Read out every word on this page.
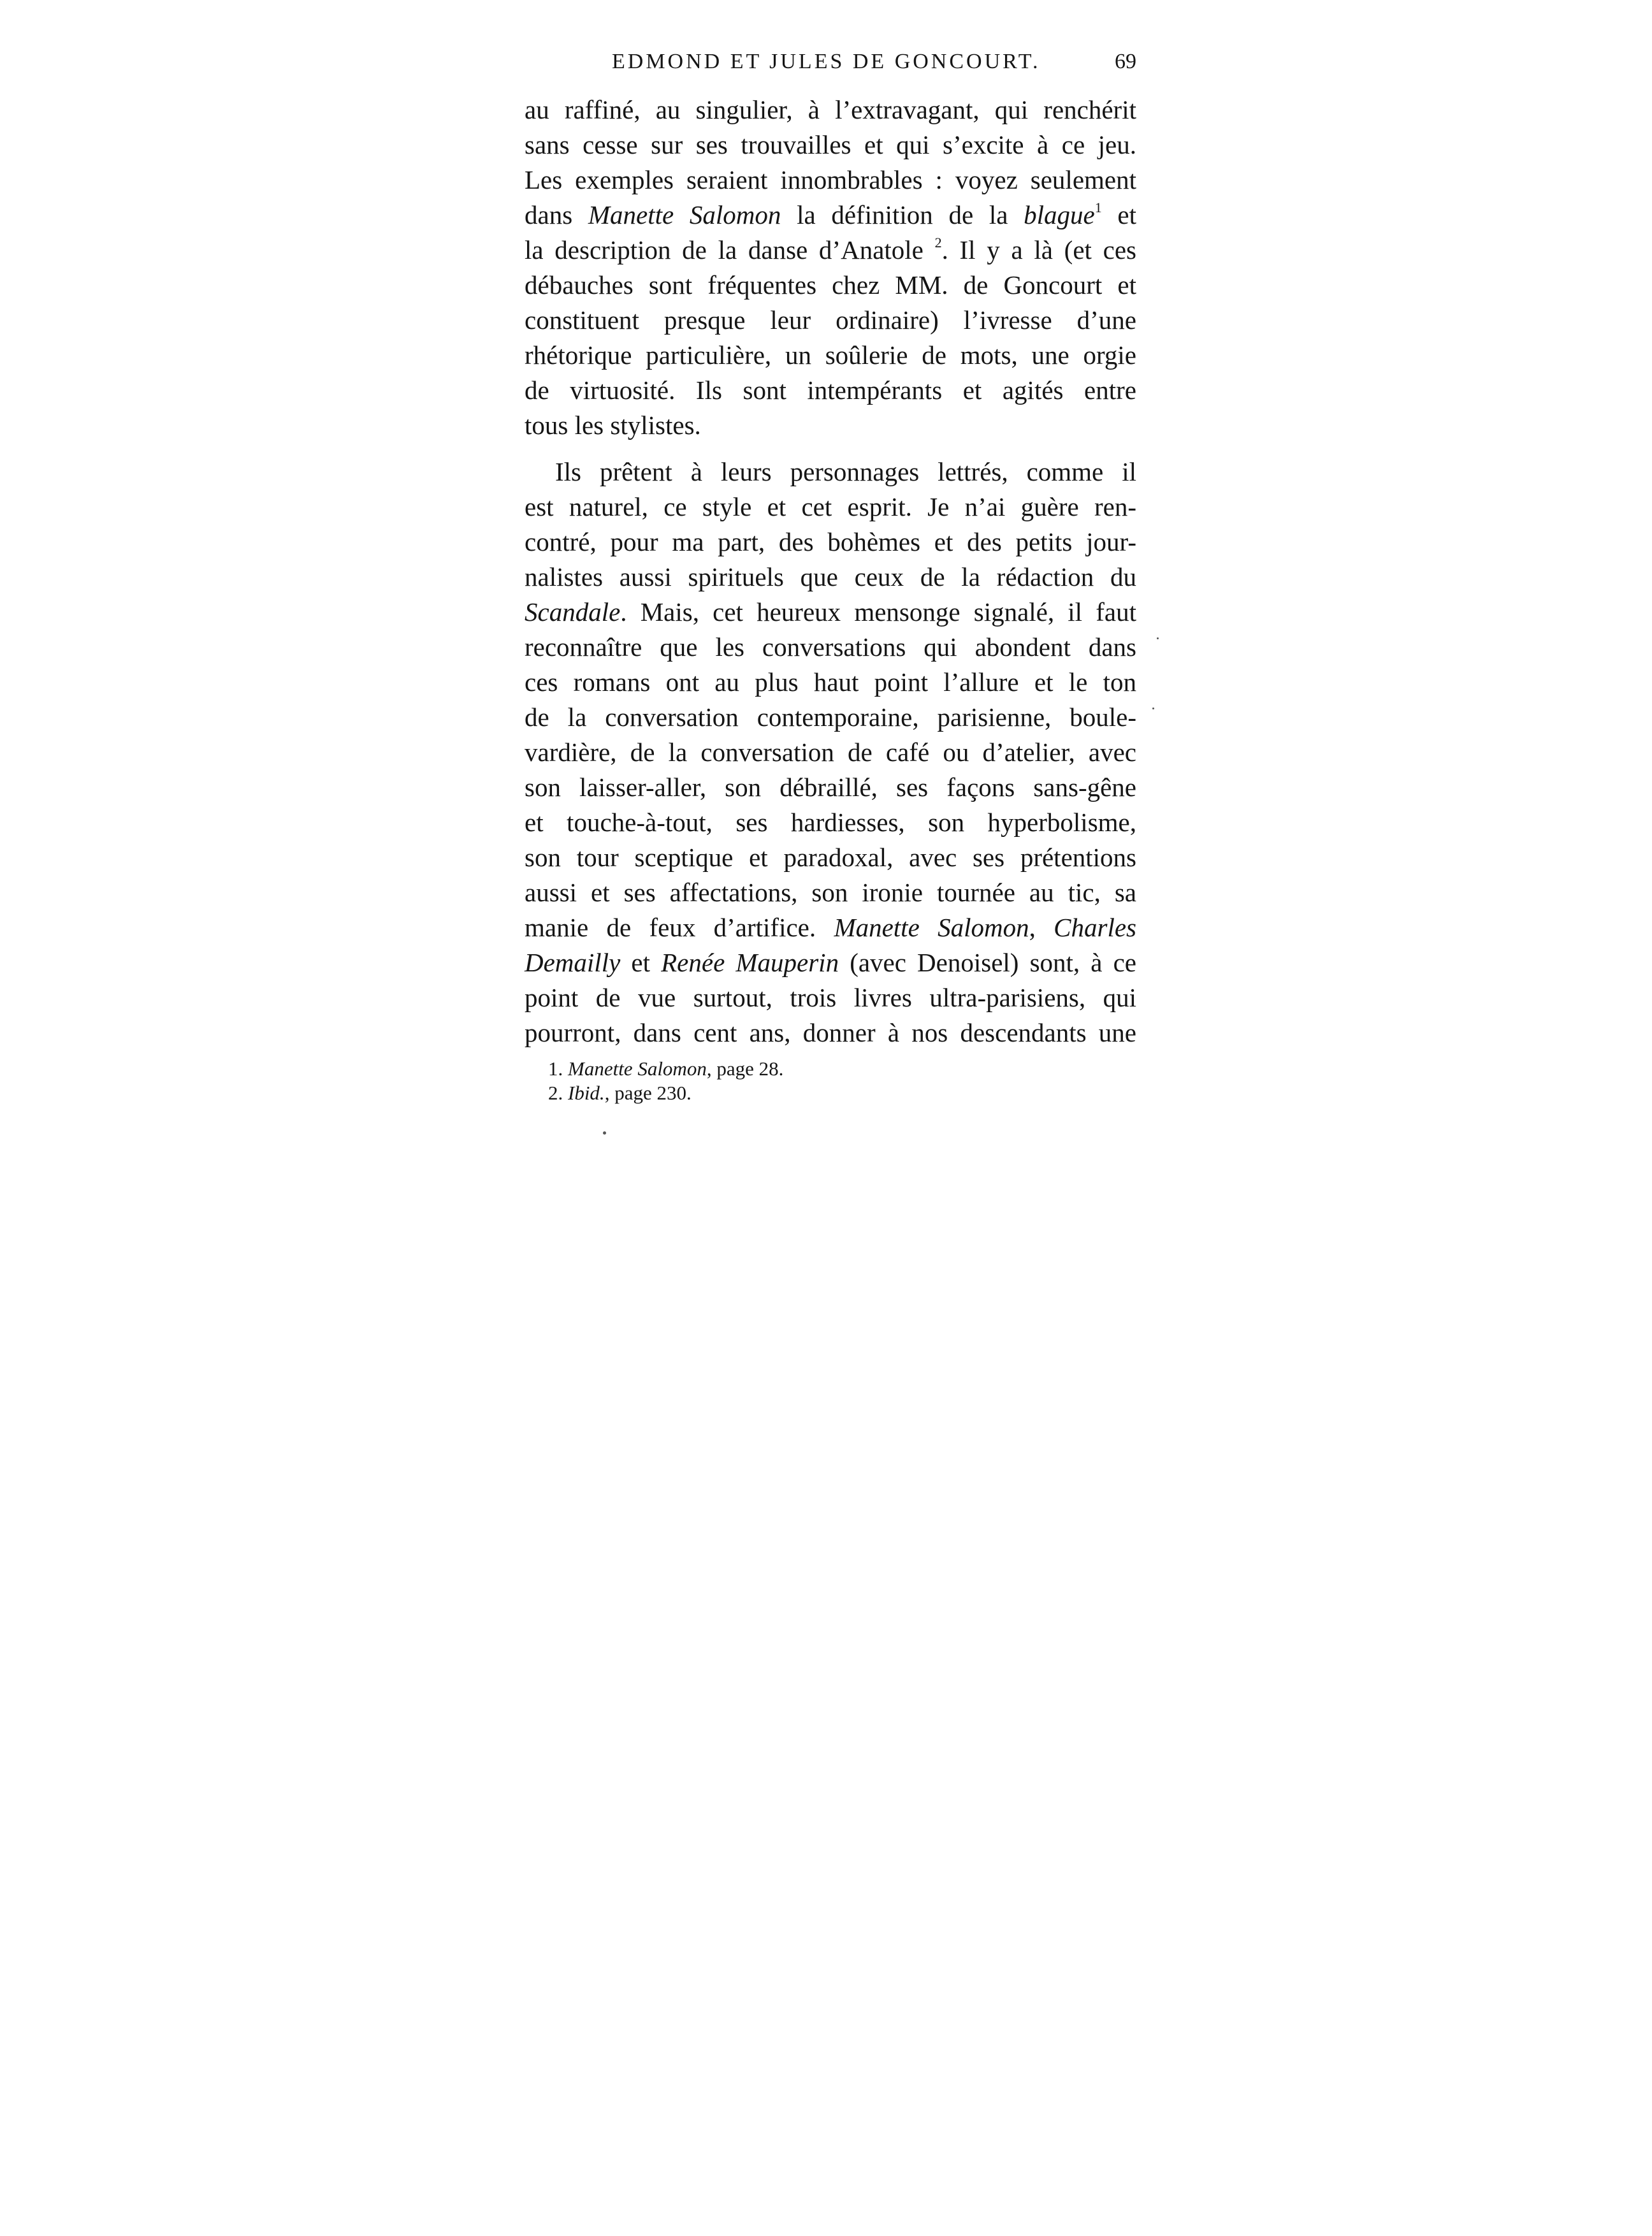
EDMOND ET JULES DE GONCOURT.	69
au raffiné, au singulier, à l’extravagant, qui renchérit
sans cesse sur ses trouvailles et qui s’excite à ce jeu.
Les exemples seraient innombrables : voyez seulement
dans Manette Salomon la définition de la blague$^1$ et
la description de la danse d’Anatole $^2$. Il y a là (et ces
débauches sont fréquentes chez MM. de Goncourt et
constituent presque leur ordinaire) l’ivresse d’une
rhétorique particulière, un soûlerie de mots, une orgie
de virtuosité. Ils sont intempérants et agités entre
tous les stylistes.
Ils prêtent à leurs personnages lettrés, comme il
est naturel, ce style et cet esprit. Je n’ai guère ren-
contré, pour ma part, des bohèmes et des petits jour-
nalistes aussi spirituels que ceux de la rédaction du
Scandale. Mais, cet heureux mensonge signalé, il faut
reconnaître que les conversations qui abondent dans
ces romans ont au plus haut point l’allure et le ton
de la conversation contemporaine, parisienne, boule-
vardière, de la conversation de café ou d’atelier, avec
son laisser-aller, son débraillé, ses façons sans-gêne
et touche-à-tout, ses hardiesses, son hyperbolisme,
son tour sceptique et paradoxal, avec ses prétentions
aussi et ses affectations, son ironie tournée au tic, sa
manie de feux d’artifice. Manette Salomon, Charles
Demailly et Renée Mauperin (avec Denoisel) sont, à ce
point de vue surtout, trois livres ultra-parisiens, qui
pourront, dans cent ans, donner à nos descendants une
1. Manette Salomon, page 28.
2. Ibid., page 230.
